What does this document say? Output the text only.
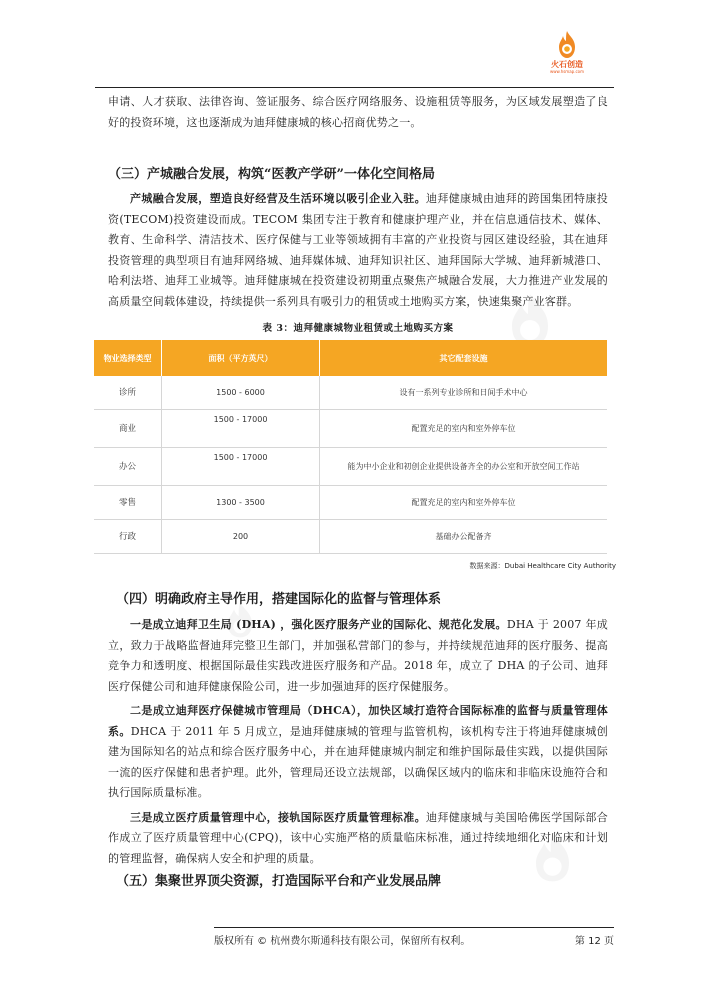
火石创造
www.hsmap.com

申请、人才获取、法律咨询、签证服务、综合医疗网络服务、设施租赁等服务，为区域发展塑造了良好的投资环境，这也逐渐成为迪拜健康城的核心招商优势之一。

（三）产城融合发展，构筑“医教产学研”一体化空间格局

产城融合发展，塑造良好经营及生活环境以吸引企业入驻。迪拜健康城由迪拜的跨国集团特康投资(TECOM)投资建设而成。TECOM 集团专注于教育和健康护理产业，并在信息通信技术、媒体、教育、生命科学、清洁技术、医疗保健与工业等领域拥有丰富的产业投资与园区建设经验，其在迪拜投资管理的典型项目有迪拜网络城、迪拜媒体城、迪拜知识社区、迪拜国际大学城、迪拜新城港口、哈利法塔、迪拜工业城等。迪拜健康城在投资建设初期重点聚焦产城融合发展，大力推进产业发展的高质量空间载体建设，持续提供一系列具有吸引力的租赁或土地购买方案，快速集聚产业客群。

表 3：迪拜健康城物业租赁或土地购买方案
物业选择类型	面积（平方英尺）	其它配套设施
诊所	1500 - 6000	设有一系列专业诊所和日间手术中心
商业	1500 - 17000	配置充足的室内和室外停车位
办公	1500 - 17000	能为中小企业和初创企业提供设备齐全的办公室和开放空间工作站
零售	1300 - 3500	配置充足的室内和室外停车位
行政	200	基础办公配备齐
数据来源：Dubai Healthcare City Authority
（四）明确政府主导作用，搭建国际化的监督与管理体系

一是成立迪拜卫生局 (DHA) ，强化医疗服务产业的国际化、规范化发展。DHA 于 2007 年成立，致力于战略监督迪拜完整卫生部门，并加强私营部门的参与，并持续规范迪拜的医疗服务、提高竞争力和透明度、根据国际最佳实践改进医疗服务和产品。2018 年，成立了 DHA 的子公司、迪拜医疗保健公司和迪拜健康保险公司，进一步加强迪拜的医疗保健服务。

二是成立迪拜医疗保健城市管理局（DHCA），加快区域打造符合国际标准的监督与质量管理体系。DHCA 于 2011 年 5 月成立，是迪拜健康城的管理与监管机构，该机构专注于将迪拜健康城创建为国际知名的站点和综合医疗服务中心，并在迪拜健康城内制定和维护国际最佳实践，以提供国际一流的医疗保健和患者护理。此外，管理局还设立法规部，以确保区域内的临床和非临床设施符合和执行国际质量标准。

三是成立医疗质量管理中心，接轨国际医疗质量管理标准。迪拜健康城与美国哈佛医学国际部合作成立了医疗质量管理中心(CPQ)，该中心实施严格的质量临床标准，通过持续地细化对临床和计划的管理监督，确保病人安全和护理的质量。

（五）集聚世界顶尖资源，打造国际平台和产业发展品牌
版权所有 © 杭州费尔斯通科技有限公司，保留所有权利。	第 12 页
